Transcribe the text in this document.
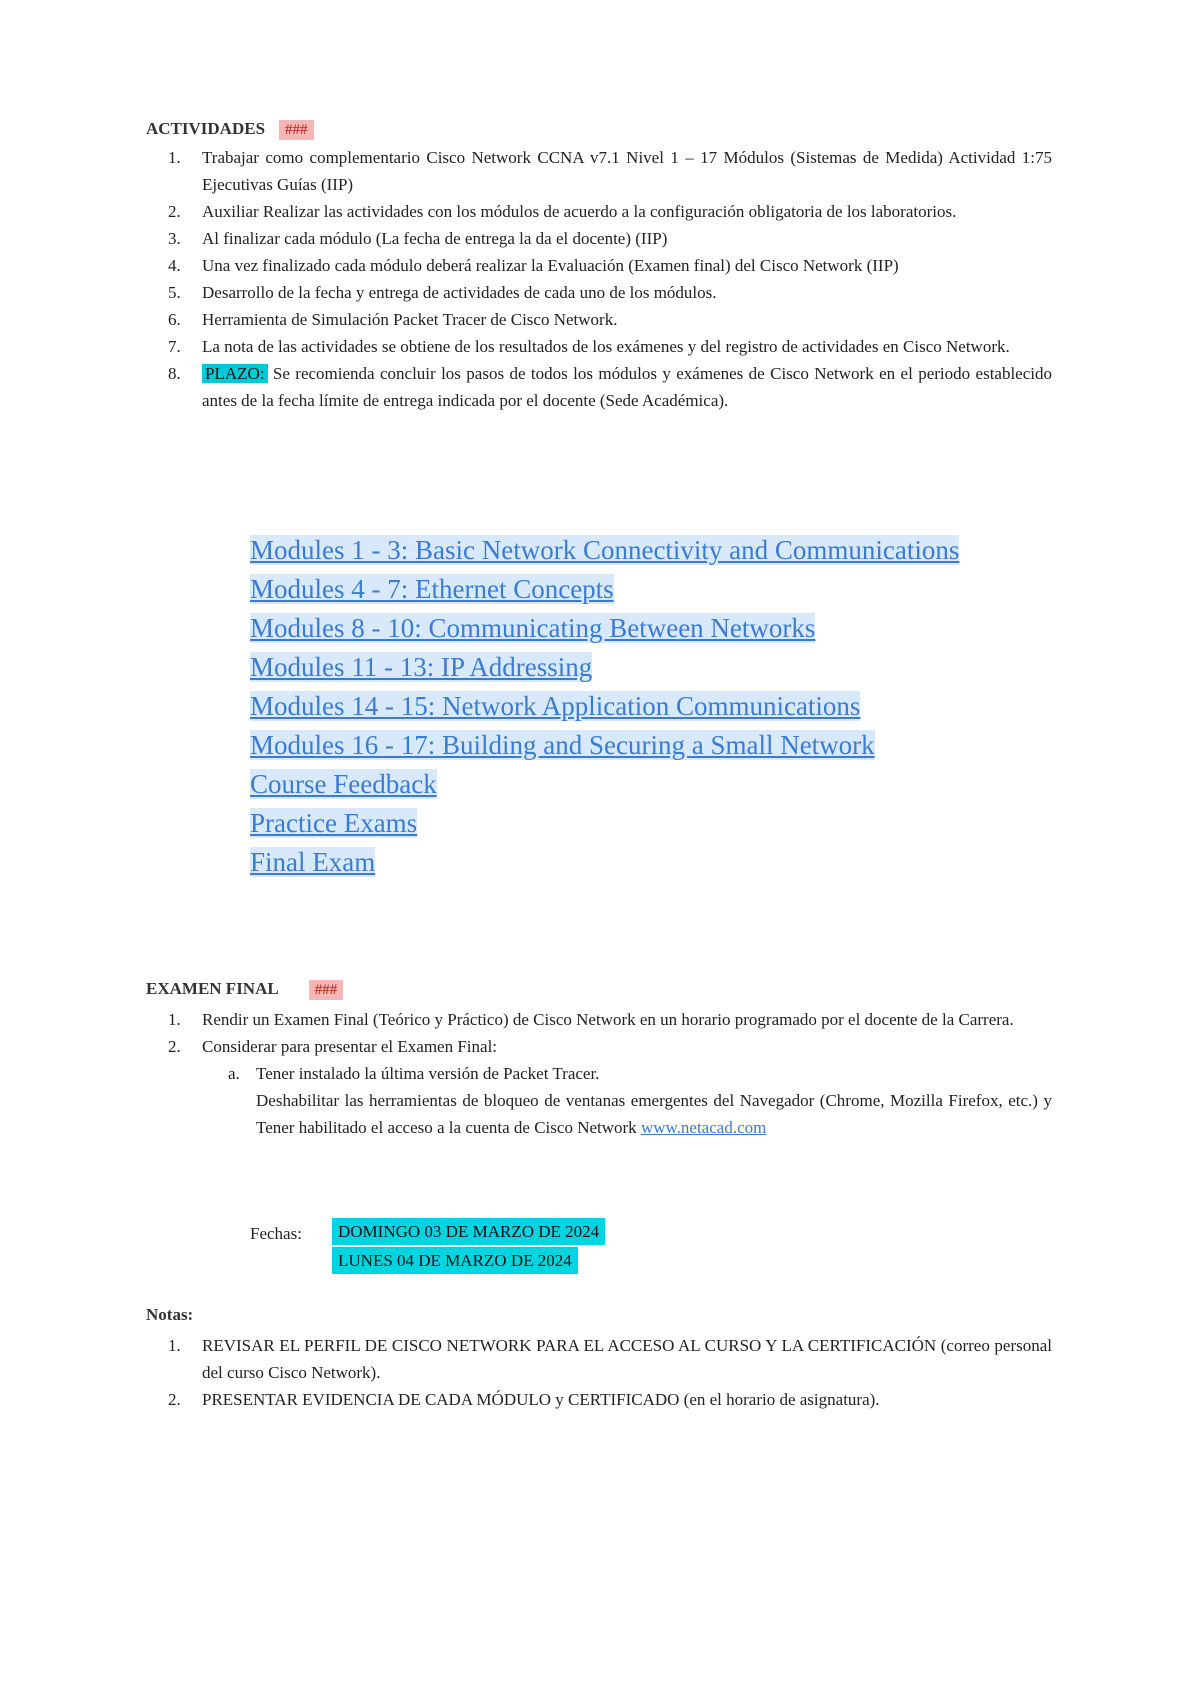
ACTIVIDADES ###
1. Trabajar como complementario Cisco Network CCNA v7.1 Nivel 1 – 17 Módulos (Sistemas de Medida) Actividad 1:75 Ejecutivas Guías (IIP)
2. Auxiliar Realizar las actividades con los módulos de acuerdo a la configuración obligatoria de los laboratorios.
3. Al finalizar cada módulo (La fecha de entrega la da el docente) (IIP)
4. Una vez finalizado cada módulo deberá realizar la Evaluación (Examen final) del Cisco Network (IIP)
5. Desarrollo de la fecha y entrega de actividades de cada uno de los módulos.
6. Herramienta de Simulación Packet Tracer de Cisco Network.
7. La nota de las actividades se obtiene de los resultados de los exámenes y del registro de actividades en Cisco Network.
8. PLAZO: Se recomienda concluir los pasos de todos los módulos y exámenes de Cisco Network en el periodo establecido antes de la fecha límite de entrega indicada por el docente (Sede Académica).
Modules 1 - 3: Basic Network Connectivity and Communications
Modules 4 - 7: Ethernet Concepts
Modules 8 - 10: Communicating Between Networks
Modules 11 - 13: IP Addressing
Modules 14 - 15: Network Application Communications
Modules 16 - 17: Building and Securing a Small Network
Course Feedback
Practice Exams
Final Exam
EXAMEN FINAL ###
1. Rendir un Examen Final (Teórico y Práctico) de Cisco Network en un horario programado por el docente de la Carrera.
2. Considerar para presentar el Examen Final:
a. Tener instalado la última versión de Packet Tracer.
Deshabilitar las herramientas de bloqueo de ventanas emergentes del Navegador (Chrome, Mozilla Firefox, etc.) y Tener habilitado el acceso a la cuenta de Cisco Network www.netacad.com
Fechas:	DOMINGO 03 DE MARZO DE 2024
LUNES 04 DE MARZO DE 2024
Notas:
1. REVISAR EL PERFIL DE CISCO NETWORK PARA EL ACCESO AL CURSO Y LA CERTIFICACIÓN (correo personal del curso Cisco Network).
2. PRESENTAR EVIDENCIA DE CADA MÓDULO y CERTIFICADO (en el horario de asignatura).
